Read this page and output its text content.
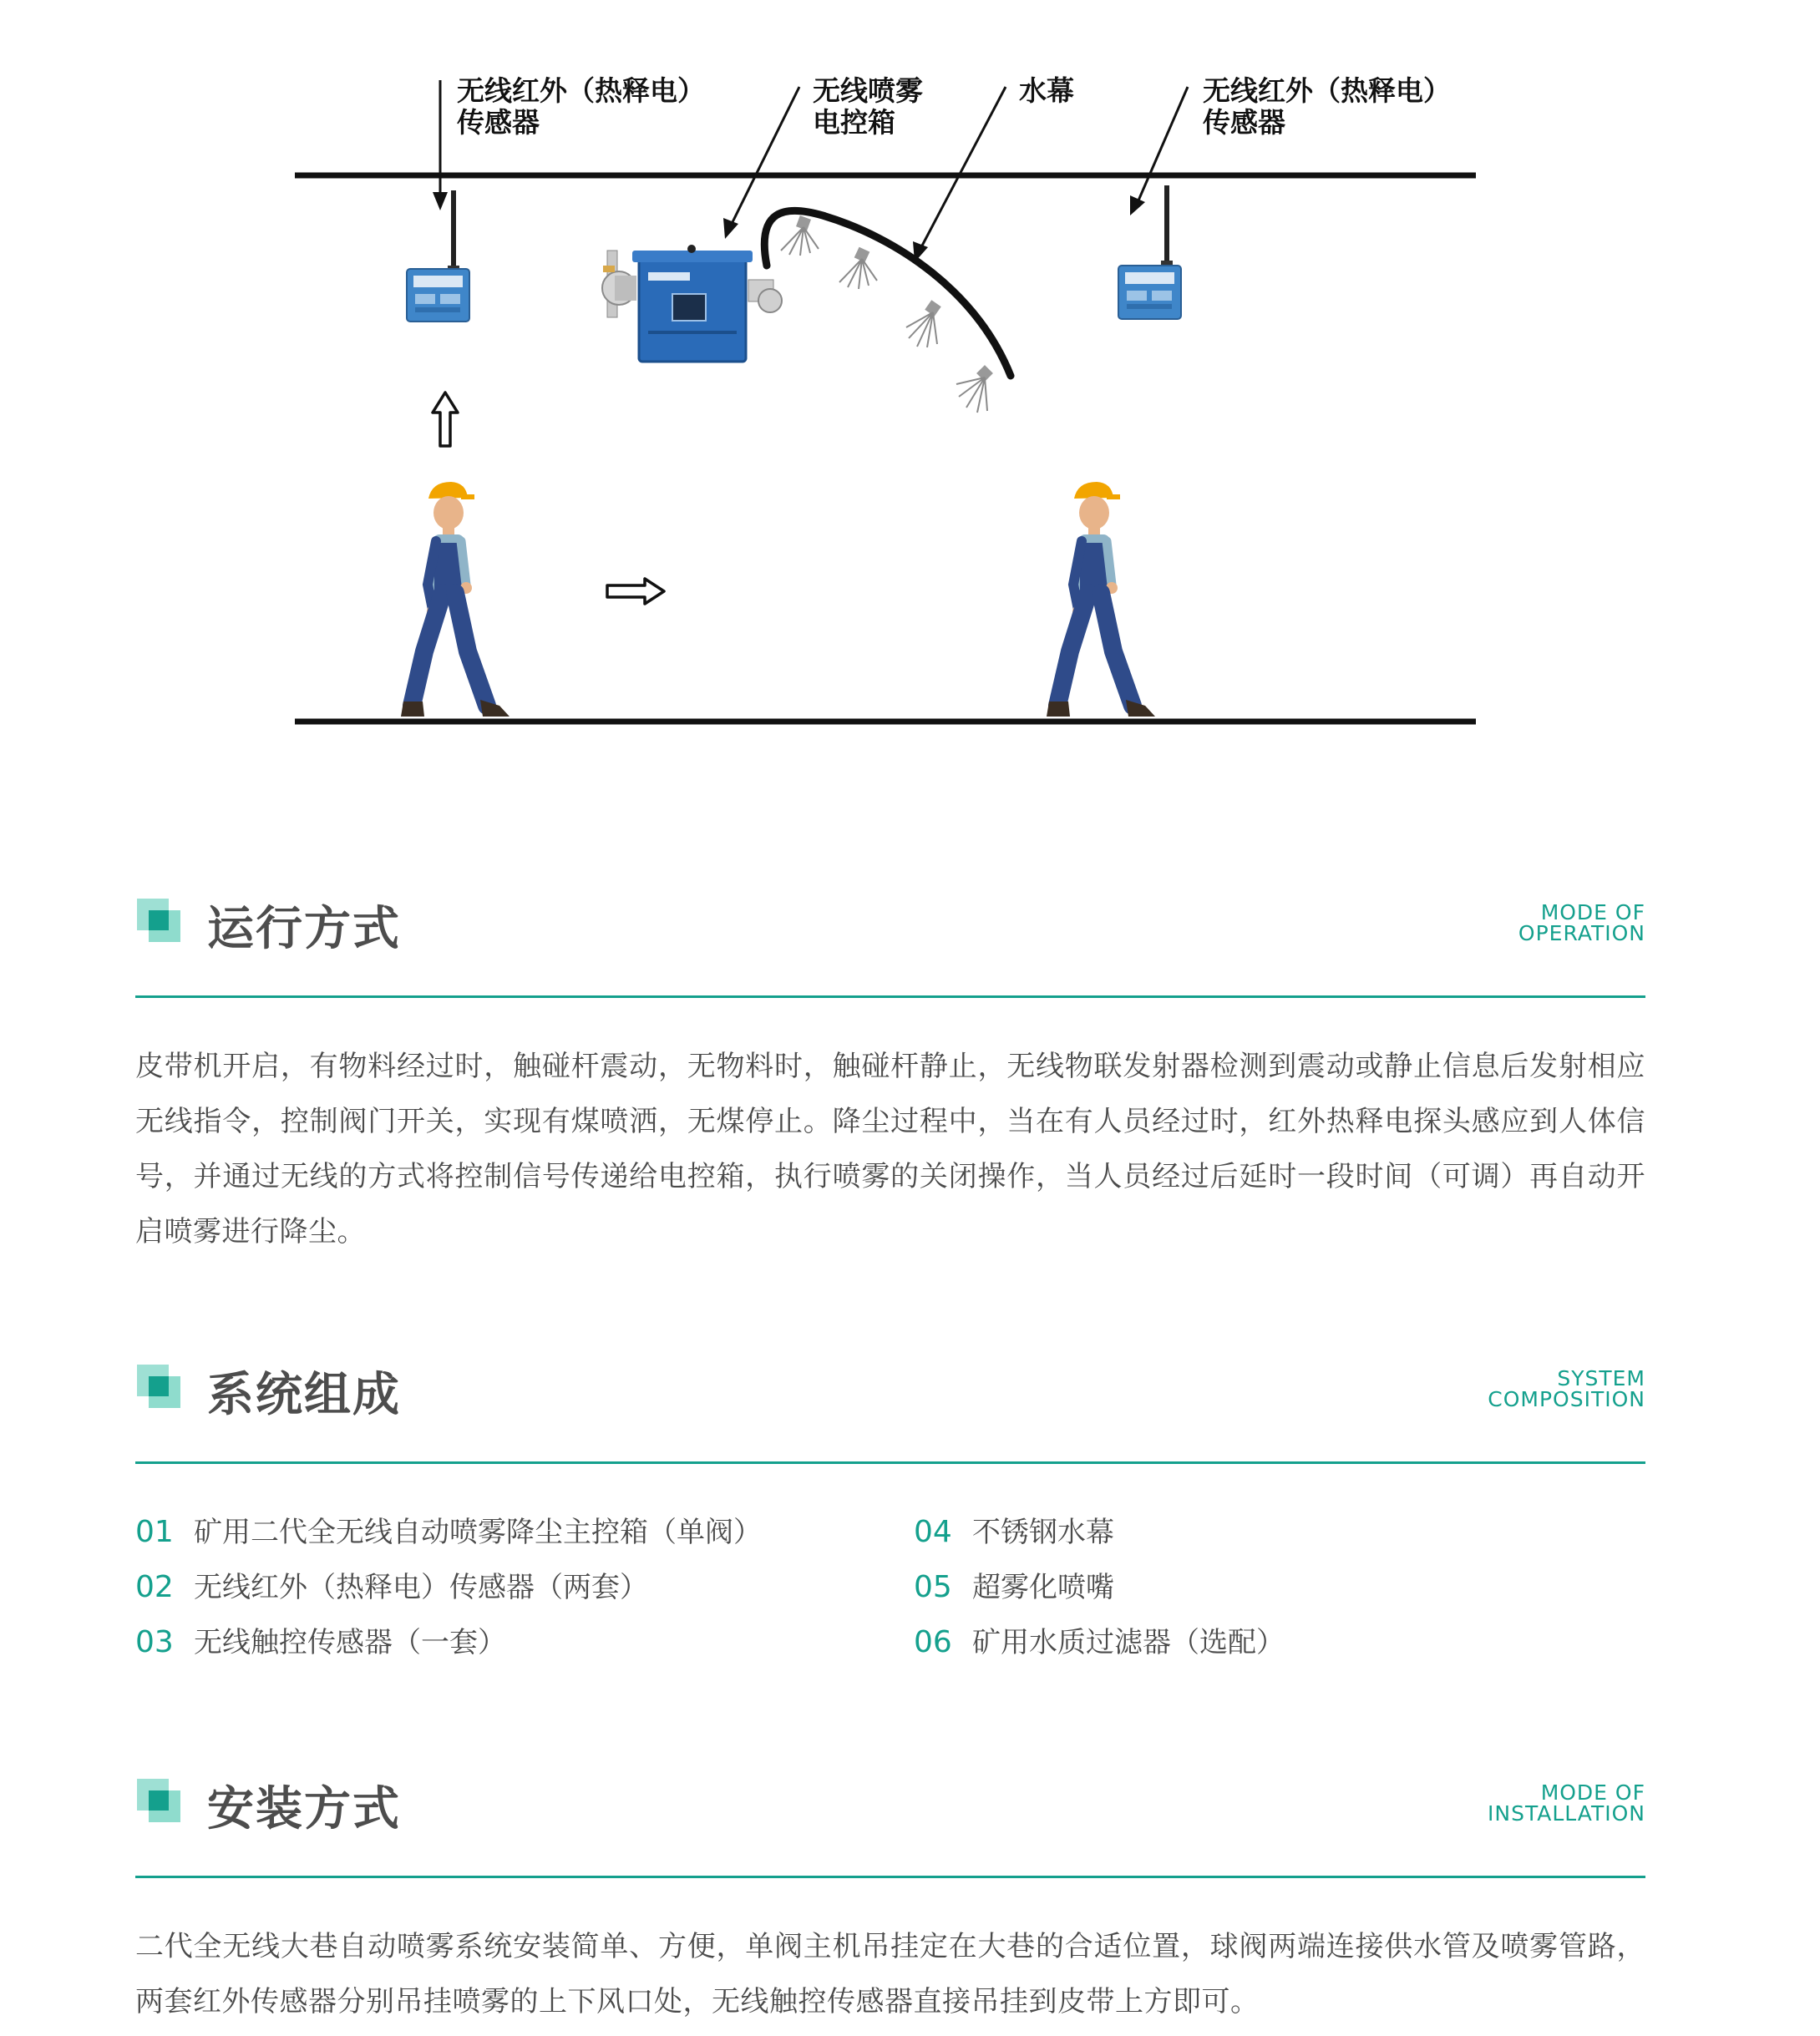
无线红外（热释电）
传感器
无线喷雾
电控箱
水幕	无线红外（热释电）
传感器
运行方式	MODE OF
OPERATION
皮带机开启，有物料经过时，触碰杆震动，无物料时，触碰杆静止，无线物联发射器检测到震动或静止信息后发射相应无线指令，控制阀门开关，实现有煤喷洒，无煤停止。降尘过程中，当在有人员经过时，红外热释电探头感应到人体信号，并通过无线的方式将控制信号传递给电控箱，执行喷雾的关闭操作，当人员经过后延时一段时间（可调）再自动开启喷雾进行降尘。
系统组成	SYSTEM
COMPOSITION
01 矿用二代全无线自动喷雾降尘主控箱（单阀）
02 无线红外（热释电）传感器（两套）
03 无线触控传感器（一套）
04 不锈钢水幕
05 超雾化喷嘴
06 矿用水质过滤器（选配）
安装方式	MODE OF
INSTALLATION
二代全无线大巷自动喷雾系统安装简单、方便，单阀主机吊挂定在大巷的合适位置，球阀两端连接供水管及喷雾管路，两套红外传感器分别吊挂喷雾的上下风口处，无线触控传感器直接吊挂到皮带上方即可。
